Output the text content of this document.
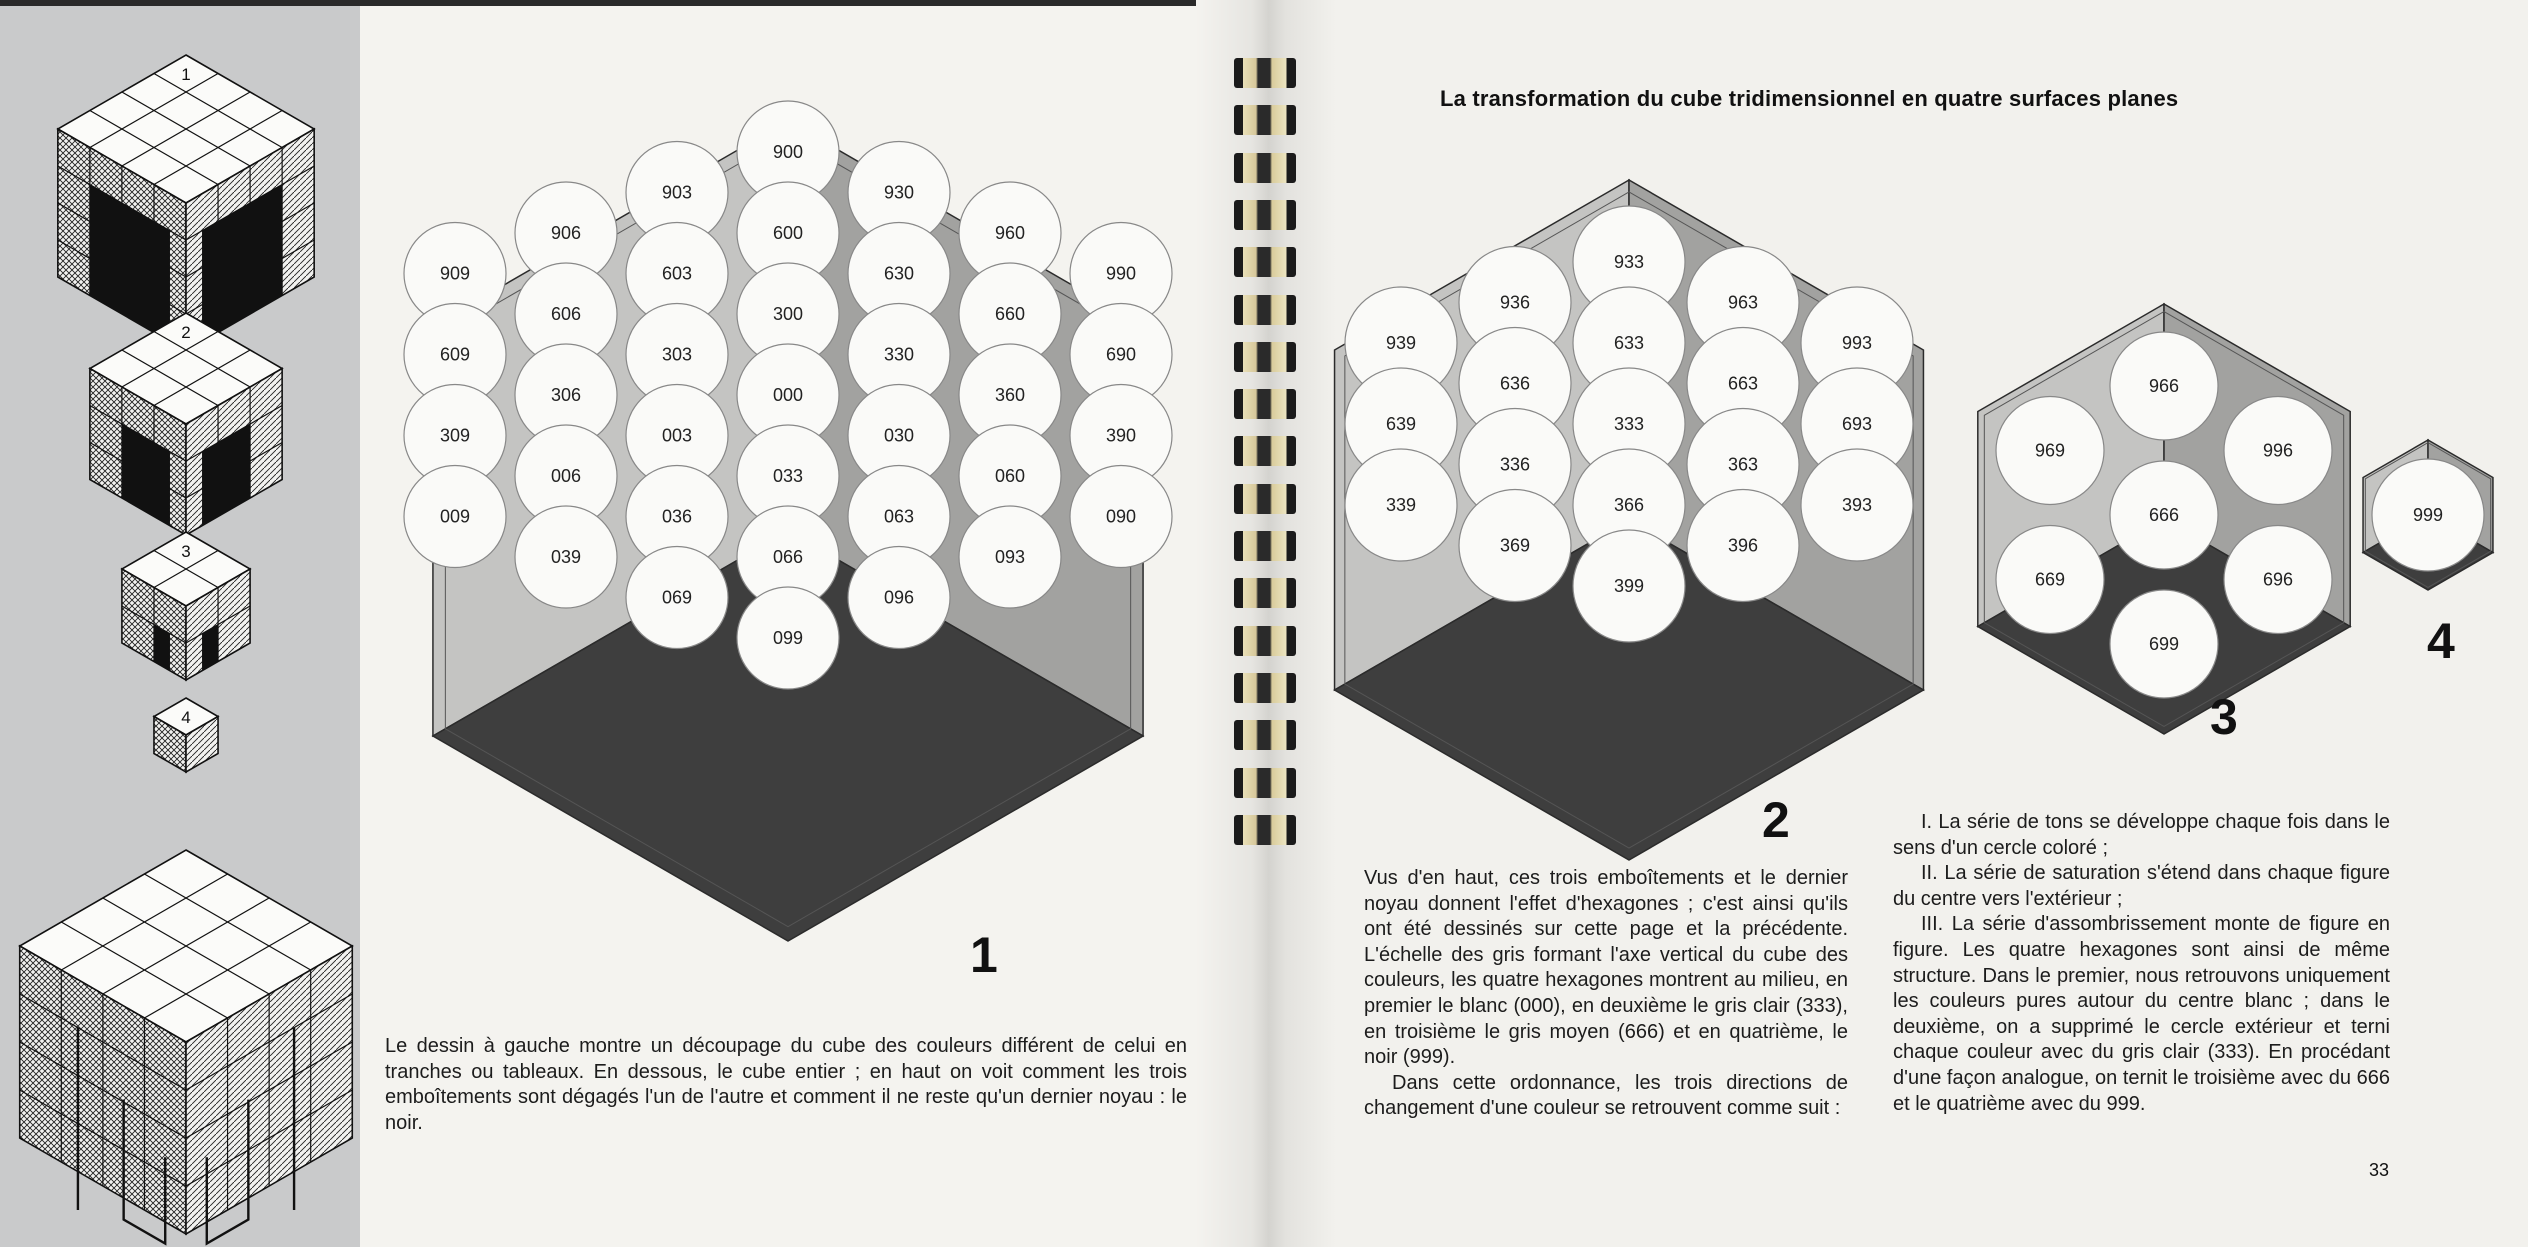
1
2
3
4
900
903	930
906	600	960
909	603	630	990
606	300	660
609	303	330	690
306	000	360
309	003	030	390
006	033	060
009	036	063	090
039	066	093
069	096
099
933
936	963
939	633	993
636	663
639	333	693
336	363
339	366	393
369	396
399
966
969	996
666
669	696
699
999
1
2
3
4
La transformation du cube tridimensionnel en quatre surfaces planes
Le dessin à gauche montre un découpage du cube des couleurs différent de celui en tranches ou tableaux. En dessous, le cube entier ; en haut on voit comment les trois emboîtements sont dégagés l'un de l'autre et comment il ne reste qu'un dernier noyau : le noir.

Vus d'en haut, ces trois emboîtements et le dernier noyau donnent l'effet d'hexagones ; c'est ainsi qu'ils ont été dessinés sur cette page et la précédente. L'échelle des gris formant l'axe vertical du cube des couleurs, les quatre hexagones montrent au milieu, en premier le blanc (000), en deuxième le gris clair (333), en troisième le gris moyen (666) et en quatrième, le noir (999).

Dans cette ordonnance, les trois directions de changement d'une couleur se retrouvent comme suit :

I. La série de tons se développe chaque fois dans le sens d'un cercle coloré ;

II. La série de saturation s'étend dans chaque figure du centre vers l'extérieur ;

III. La série d'assombrissement monte de figure en figure. Les quatre hexagones sont ainsi de même structure. Dans le premier, nous retrouvons uniquement les couleurs pures autour du centre blanc ; dans le deuxième, on a supprimé le cercle extérieur et terni chaque couleur avec du gris clair (333). En procédant d'une façon analogue, on ternit le troisième avec du 666 et le quatrième avec du 999.

33
